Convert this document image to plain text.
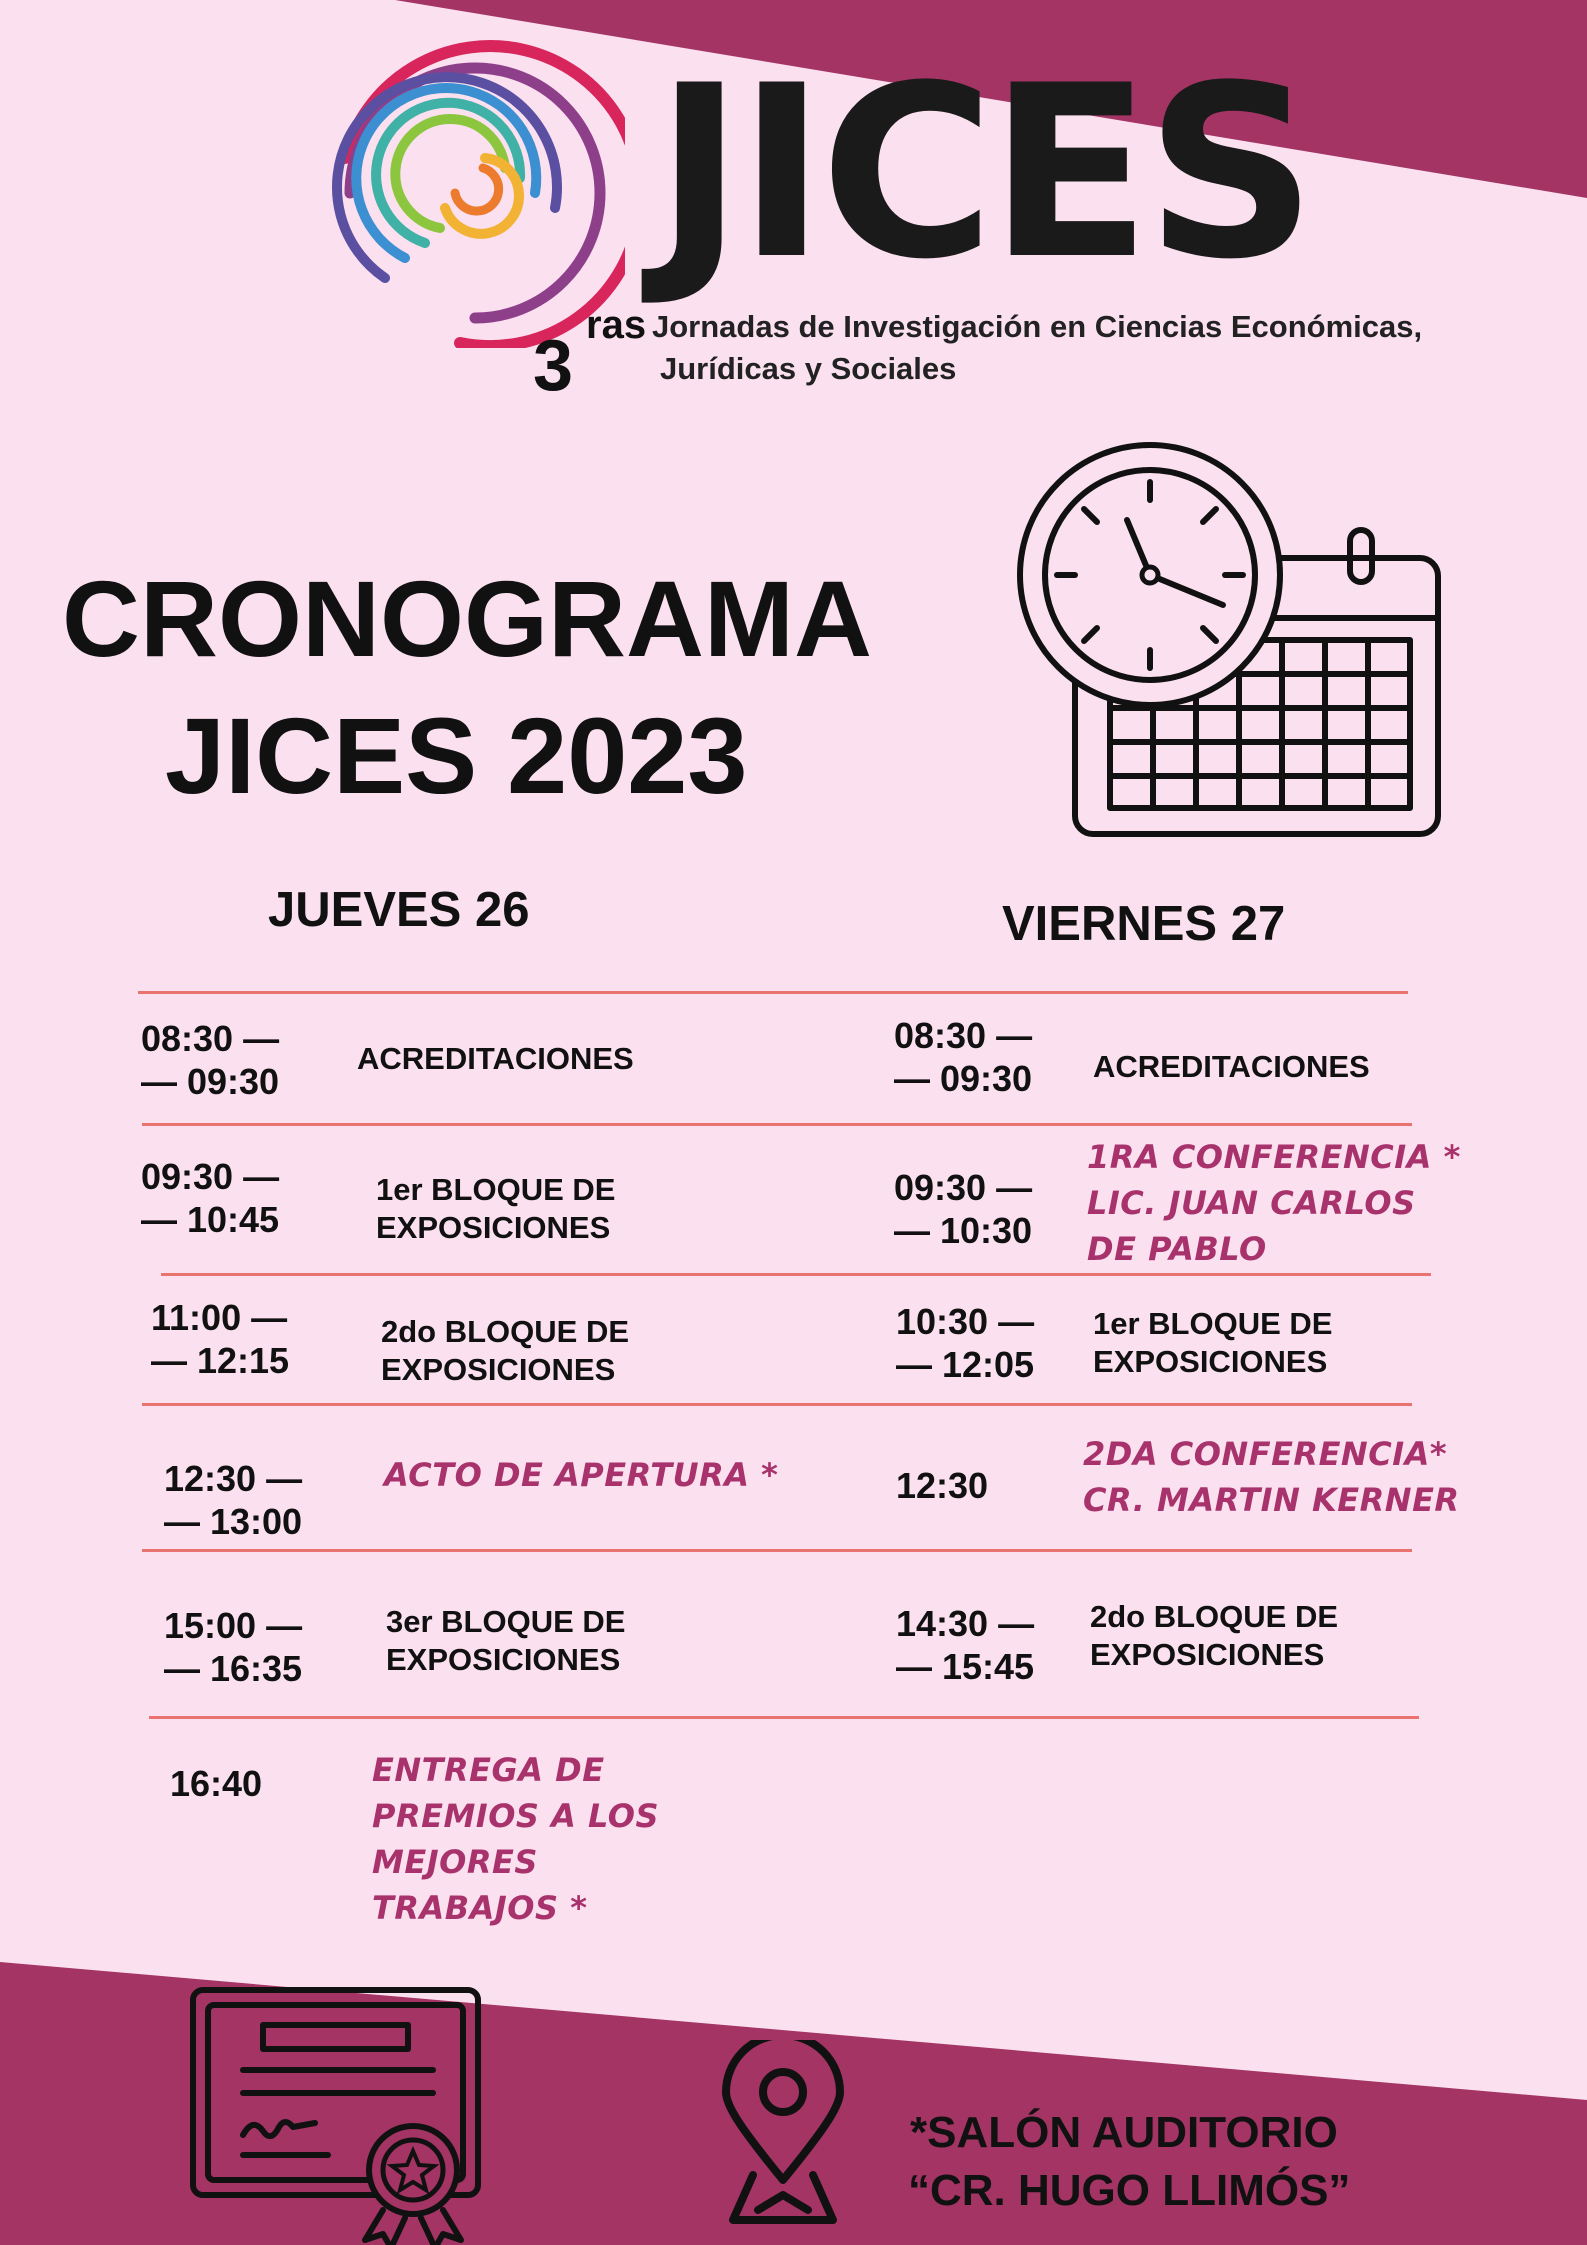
JICES
3
ras Jornadas de Investigación en Ciencias Económicas,
Jurídicas y Sociales
CRONOGRAMA
JICES 2023
JUEVES 26	VIERNES 27
08:30 —
— 09:30
ACREDITACIONES
09:30 —
— 10:45
1er BLOQUE DE
EXPOSICIONES
11:00 —
— 12:15
2do BLOQUE DE
EXPOSICIONES
12:30 —
— 13:00
ACTO DE APERTURA *
15:00 —
— 16:35
3er BLOQUE DE
EXPOSICIONES
16:40	ENTREGA DE
PREMIOS A LOS
MEJORES
TRABAJOS *
08:30 —
— 09:30 ACREDITACIONES
09:30 —
— 10:30
1RA CONFERENCIA *
LIC. JUAN CARLOS
DE PABLO
10:30 —
— 12:05
1er BLOQUE DE
EXPOSICIONES
12:30
2DA CONFERENCIA*
CR. MARTIN KERNER
14:30 —
— 15:45
2do BLOQUE DE
EXPOSICIONES
*SALÓN AUDITORIO
“CR. HUGO LLIMÓS”
